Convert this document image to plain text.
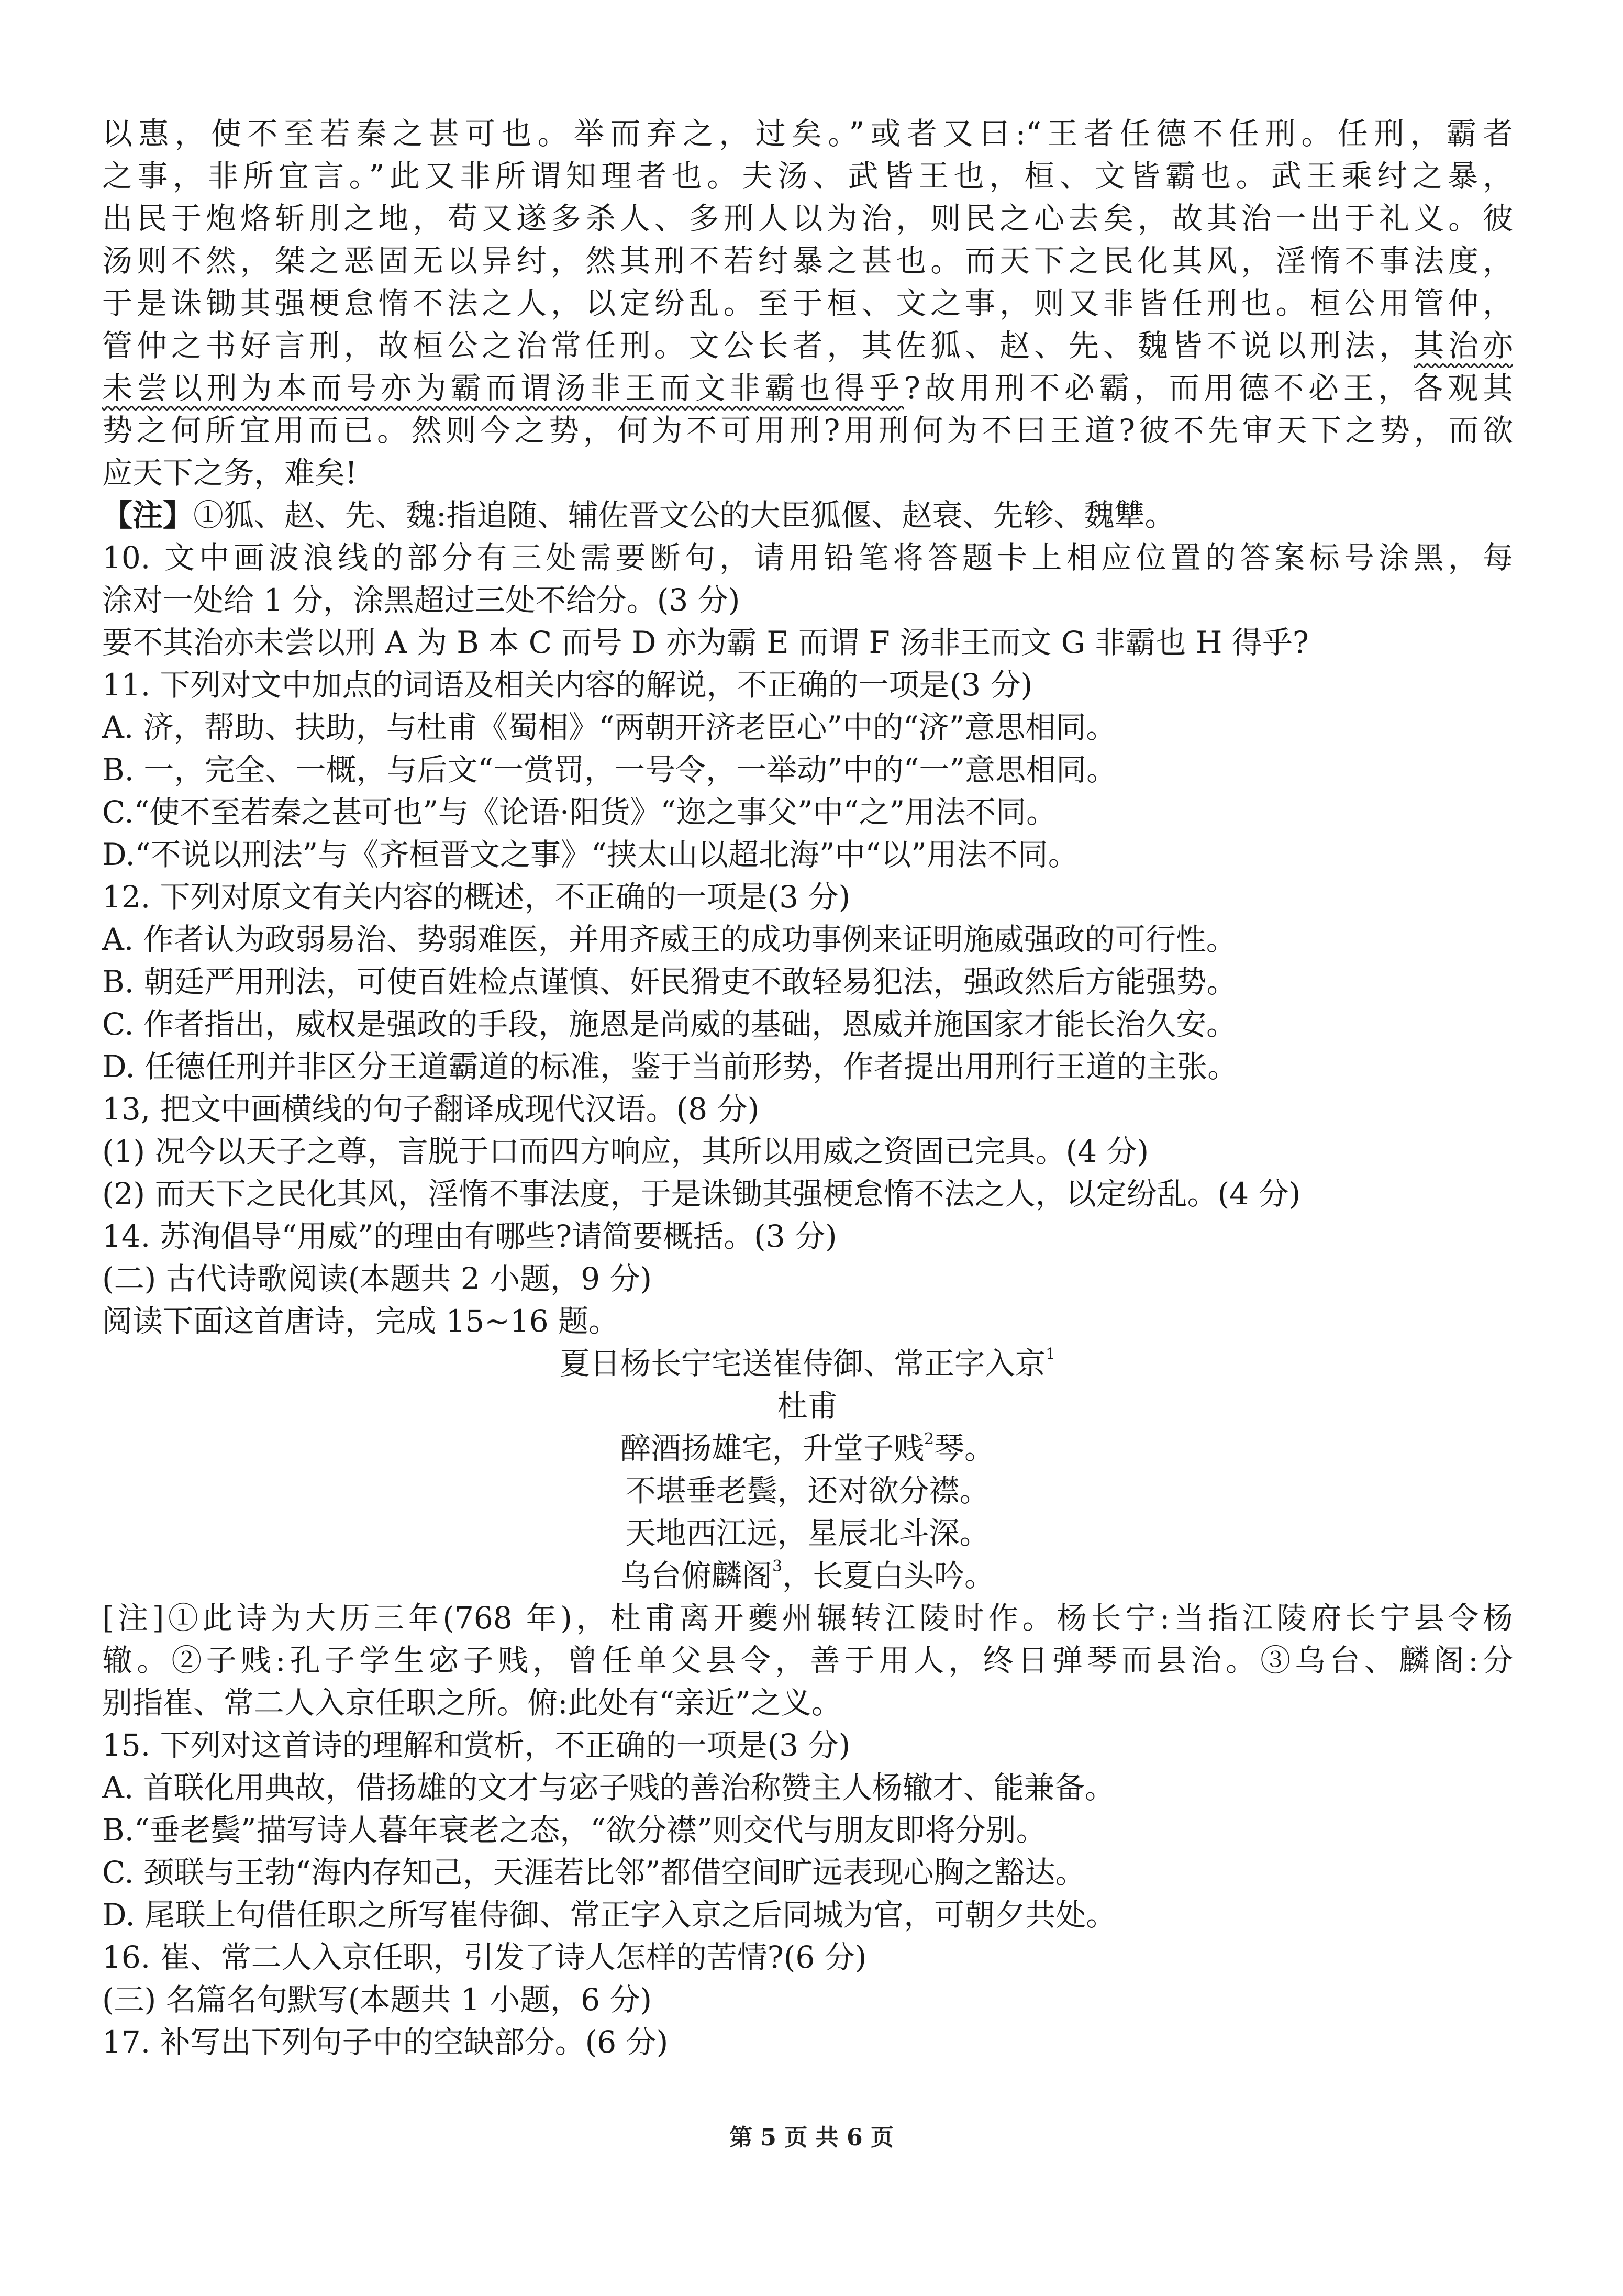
以惠，使不至若秦之甚可也。举而弃之，过矣。”或者又曰:“王者任德不任刑。任刑，霸者

之事，非所宜言。”此又非所谓知理者也。夫汤、武皆王也，桓、文皆霸也。武王乘纣之暴，

出民于炮烙斩刖之地，苟又遂多杀人、多刑人以为治，则民之心去矣，故其治一出于礼义。彼

汤则不然，桀之恶固无以异纣，然其刑不若纣暴之甚也。而天下之民化其风，淫惰不事法度，

于是诛锄其强梗怠惰不法之人，以定纷乱。至于桓、文之事，则又非皆任刑也。桓公用管仲，

管仲之书好言刑，故桓公之治常任刑。文公长者，其佐狐、赵、先、魏皆不说以刑法，其治亦

未尝以刑为本而号亦为霸而谓汤非王而文非霸也得乎?故用刑不必霸，而用德不必王，各观其

势之何所宜用而已。然则今之势，何为不可用刑?用刑何为不曰王道?彼不先审天下之势，而欲

应天下之务，难矣!

【注】①狐、赵、先、魏:指追随、辅佐晋文公的大臣狐偃、赵衰、先轸、魏犨。

10. 文中画波浪线的部分有三处需要断句，请用铅笔将答题卡上相应位置的答案标号涂黑，每

涂对一处给 1 分，涂黑超过三处不给分。(3 分)

要不其治亦未尝以刑 A 为 B 本 C 而号 D 亦为霸 E 而谓 F 汤非王而文 G 非霸也 H 得乎?

11. 下列对文中加点的词语及相关内容的解说，不正确的一项是(3 分)

A. 济，帮助、扶助，与杜甫《蜀相》“两朝开济老臣心”中的“济”意思相同。

B. 一，完全、一概，与后文“一赏罚，一号令，一举动”中的“一”意思相同。

C.“使不至若秦之甚可也”与《论语·阳货》“迩之事父”中“之”用法不同。

D.“不说以刑法”与《齐桓晋文之事》“挟太山以超北海”中“以”用法不同。

12. 下列对原文有关内容的概述，不正确的一项是(3 分)

A. 作者认为政弱易治、势弱难医，并用齐威王的成功事例来证明施威强政的可行性。

B. 朝廷严用刑法，可使百姓检点谨慎、奸民猾吏不敢轻易犯法，强政然后方能强势。

C. 作者指出，威权是强政的手段，施恩是尚威的基础，恩威并施国家才能长治久安。

D. 任德任刑并非区分王道霸道的标准，鉴于当前形势，作者提出用刑行王道的主张。

13, 把文中画横线的句子翻译成现代汉语。(8 分)

(1) 况今以天子之尊，言脱于口而四方响应，其所以用威之资固已完具。(4 分)

(2) 而天下之民化其风，淫惰不事法度，于是诛锄其强梗怠惰不法之人，以定纷乱。(4 分)

14. 苏洵倡导“用威”的理由有哪些?请简要概括。(3 分)

(二) 古代诗歌阅读(本题共 2 小题，9 分)

阅读下面这首唐诗，完成 15~16 题。

夏日杨长宁宅送崔侍御、常正字入京$^1$

杜甫

醉酒扬雄宅，升堂子贱$^2$琴。

不堪垂老鬓，还对欲分襟。

天地西江远，星辰北斗深。

乌台俯麟阁$^3$，长夏白头吟。

[注]①此诗为大历三年(768 年)，杜甫离开夔州辗转江陵时作。杨长宁:当指江陵府长宁县令杨

辙。②子贱:孔子学生宓子贱，曾任单父县令，善于用人，终日弹琴而县治。③乌台、麟阁:分

别指崔、常二人入京任职之所。俯:此处有“亲近”之义。

15. 下列对这首诗的理解和赏析，不正确的一项是(3 分)

A. 首联化用典故，借扬雄的文才与宓子贱的善治称赞主人杨辙才、能兼备。

B.“垂老鬓”描写诗人暮年衰老之态，“欲分襟”则交代与朋友即将分别。

C. 颈联与王勃“海内存知己，天涯若比邻”都借空间旷远表现心胸之豁达。

D. 尾联上句借任职之所写崔侍御、常正字入京之后同城为官，可朝夕共处。

16. 崔、常二人入京任职，引发了诗人怎样的苦情?(6 分)

(三) 名篇名句默写(本题共 1 小题，6 分)

17. 补写出下列句子中的空缺部分。(6 分)

第 5 页 共 6 页
